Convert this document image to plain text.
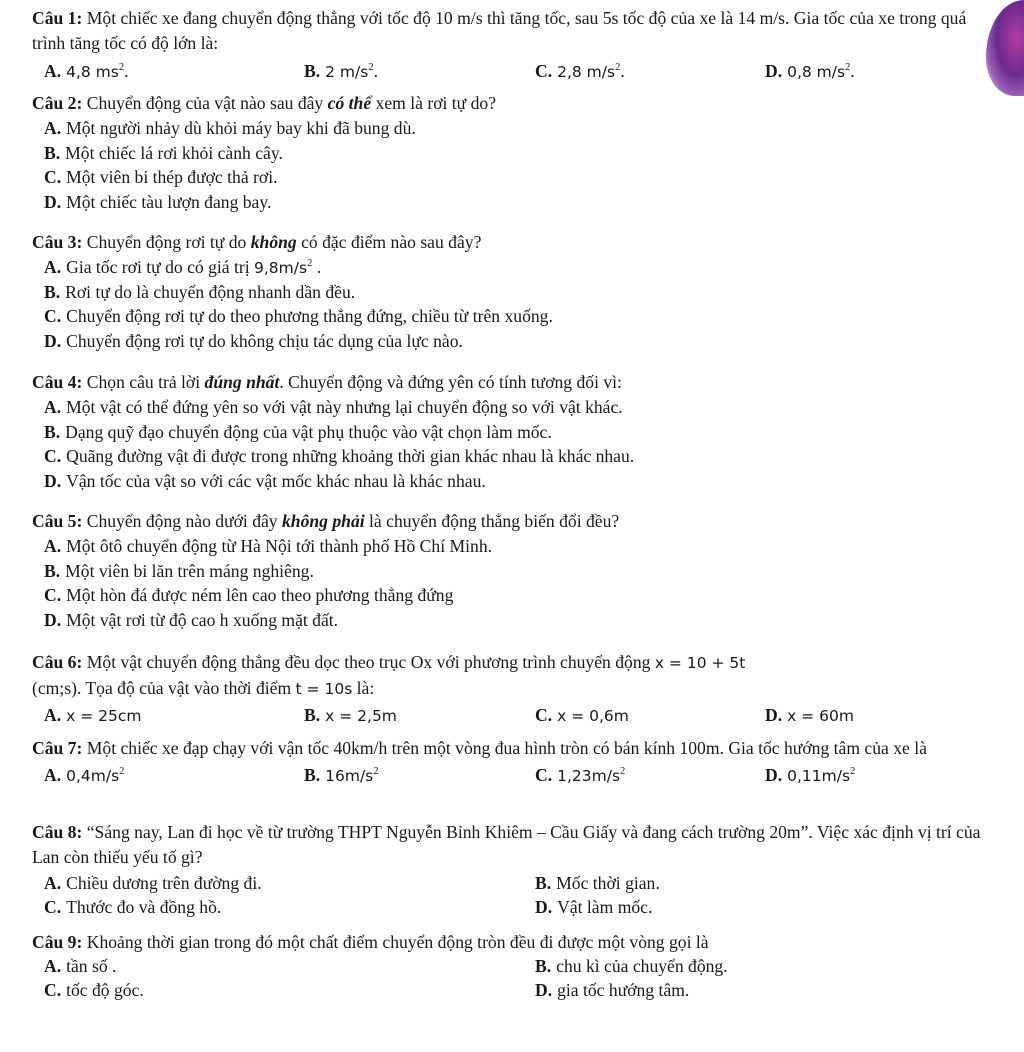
Câu 1: Một chiếc xe đang chuyển động thẳng với tốc độ 10 m/s thì tăng tốc, sau 5s tốc độ của xe là 14 m/s. Gia tốc của xe trong quá trình tăng tốc có độ lớn là:

A. 4,8 $ms^2$.	B. 2 $m/s^2$.	C. 2,8 $m/s^2$.	D. 0,8 $m/s^2$.

Câu 2: Chuyển động của vật nào sau đây có thể xem là rơi tự do?

A. Một người nhảy dù khỏi máy bay khi đã bung dù.
B. Một chiếc lá rơi khỏi cành cây.
C. Một viên bi thép được thả rơi.
D. Một chiếc tàu lượn đang bay.

Câu 3: Chuyển động rơi tự do không có đặc điểm nào sau đây?

A. Gia tốc rơi tự do có giá trị $9,8m/s^2$ .
B. Rơi tự do là chuyển động nhanh dần đều.
C. Chuyển động rơi tự do theo phương thẳng đứng, chiều từ trên xuống.
D. Chuyển động rơi tự do không chịu tác dụng của lực nào.

Câu 4: Chọn câu trả lời đúng nhất. Chuyển động và đứng yên có tính tương đối vì:

A. Một vật có thể đứng yên so với vật này nhưng lại chuyển động so với vật khác.
B. Dạng quỹ đạo chuyển động của vật phụ thuộc vào vật chọn làm mốc.
C. Quãng đường vật đi được trong những khoảng thời gian khác nhau là khác nhau.
D. Vận tốc của vật so với các vật mốc khác nhau là khác nhau.

Câu 5: Chuyển động nào dưới đây không phải là chuyển động thẳng biến đổi đều?

A. Một ôtô chuyển động từ Hà Nội tới thành phố Hồ Chí Minh.
B. Một viên bi lăn trên máng nghiêng.
C. Một hòn đá được ném lên cao theo phương thẳng đứng
D. Một vật rơi từ độ cao h xuống mặt đất.

Câu 6: Một vật chuyển động thẳng đều dọc theo trục Ox với phương trình chuyển động x = 10 + 5t
(cm;s). Tọa độ của vật vào thời điểm t = 10s là:

A. x = 25cm	B. x = 2,5m	C. x = 0,6m	D. x = 60m

Câu 7: Một chiếc xe đạp chạy với vận tốc 40km/h trên một vòng đua hình tròn có bán kính 100m. Gia tốc hướng tâm của xe là

A. $0,4m/s^2$	B. $16m/s^2$	C. $1,23m/s^2$	D. $0,11m/s^2$

Câu 8: “Sáng nay, Lan đi học về từ trường THPT Nguyễn Bỉnh Khiêm – Cầu Giấy và đang cách trường 20m”. Việc xác định vị trí của Lan còn thiếu yếu tố gì?

A. Chiều dương trên đường đi.	B. Mốc thời gian.
C. Thước đo và đồng hồ.	D. Vật làm mốc.

Câu 9: Khoảng thời gian trong đó một chất điểm chuyển động tròn đều đi được một vòng gọi là

A. tần số .	B. chu kì của chuyển động.
C. tốc độ góc.	D. gia tốc hướng tâm.
